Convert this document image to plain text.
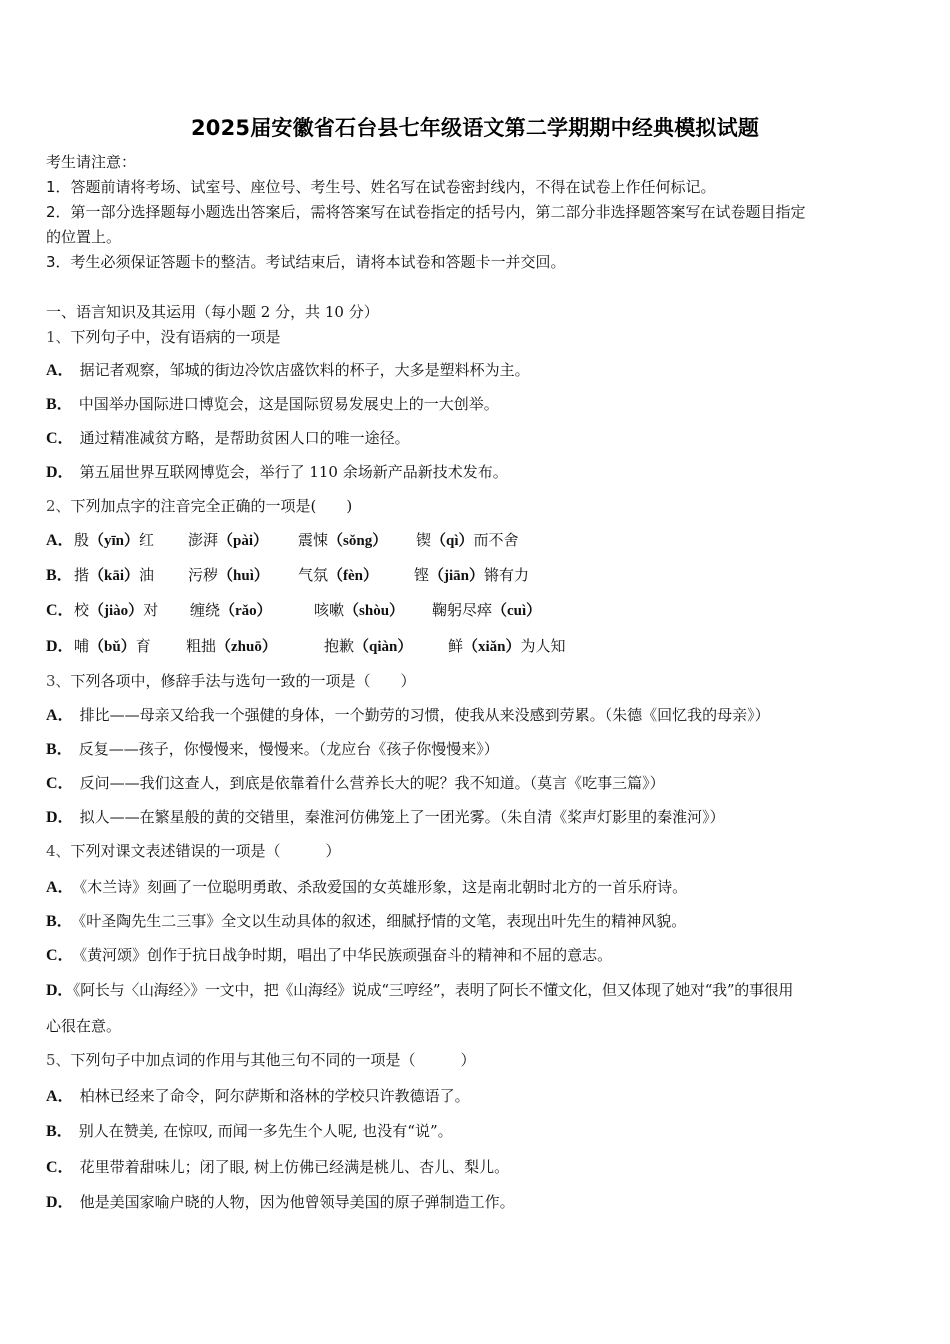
2025届安徽省石台县七年级语文第二学期期中经典模拟试题
考生请注意：
1．答题前请将考场、试室号、座位号、考生号、姓名写在试卷密封线内，不得在试卷上作任何标记。
2．第一部分选择题每小题选出答案后，需将答案写在试卷指定的括号内，第二部分非选择题答案写在试卷题目指定
的位置上。
3．考生必须保证答题卡的整洁。考试结束后，请将本试卷和答题卡一并交回。
一、语言知识及其运用（每小题 2 分，共 10 分）
1、下列句子中，没有语病的一项是
A． 据记者观察，邹城的街边冷饮店盛饮料的杯子，大多是塑料杯为主。
B． 中国举办国际进口博览会，这是国际贸易发展史上的一大创举。
C． 通过精准减贫方略，是帮助贫困人口的唯一途径。
D． 第五届世界互联网博览会，举行了 110 余场新产品新技术发布。
2、下列加点字的注音完全正确的一项是(　　)
A． 殷（yīn）红 澎湃（pài） 震悚（sǒng） 锲（qì）而不舍
B． 揩（kāi）油 污秽（huì） 气氛（fèn） 铿（jiān）锵有力
C． 校（jiào）对 缠绕（rǎo）	咳嗽（shòu） 鞠躬尽瘁（cuì）
D． 哺（bǔ）育 粗拙（zhuō）	抱歉（qiàn） 鲜（xiǎn）为人知
3、下列各项中，修辞手法与选句一致的一项是（　　）
A． 排比——母亲又给我一个强健的身体，一个勤劳的习惯，使我从来没感到劳累。（朱德《回忆我的母亲》）
B． 反复——孩子，你慢慢来，慢慢来。（龙应台《孩子你慢慢来》）
C． 反问——我们这查人，到底是依靠着什么营养长大的呢？我不知道。（莫言《吃事三篇》）
D． 拟人——在繁星般的黄的交错里，秦淮河仿佛笼上了一团光雾。（朱自清《桨声灯影里的秦淮河》）
4、下列对课文表述错误的一项是（　　　）
A． 《木兰诗》刻画了一位聪明勇敢、杀敌爱国的女英雄形象，这是南北朝时北方的一首乐府诗。
B． 《叶圣陶先生二三事》全文以生动具体的叙述，细腻抒情的文笔，表现出叶先生的精神风貌。
C． 《黄河颂》创作于抗日战争时期，唱出了中华民族顽强奋斗的精神和不屈的意志。
D．《阿长与〈山海经〉》一文中，把《山海经》说成“三哼经”，表明了阿长不懂文化，但又体现了她对“我”的事很用
心很在意。
5、下列句子中加点词的作用与其他三句不同的一项是（　　　）
A． 柏林已经来了命令，阿尔萨斯和洛林的学校只许教德语了。
B． 别人在赞美, 在惊叹, 而闻一多先生个人呢, 也没有“说”。
C． 花里带着甜味儿；闭了眼, 树上仿佛已经满是桃儿、杏儿、梨儿。
D． 他是美国家喻户晓的人物，因为他曾领导美国的原子弹制造工作。
